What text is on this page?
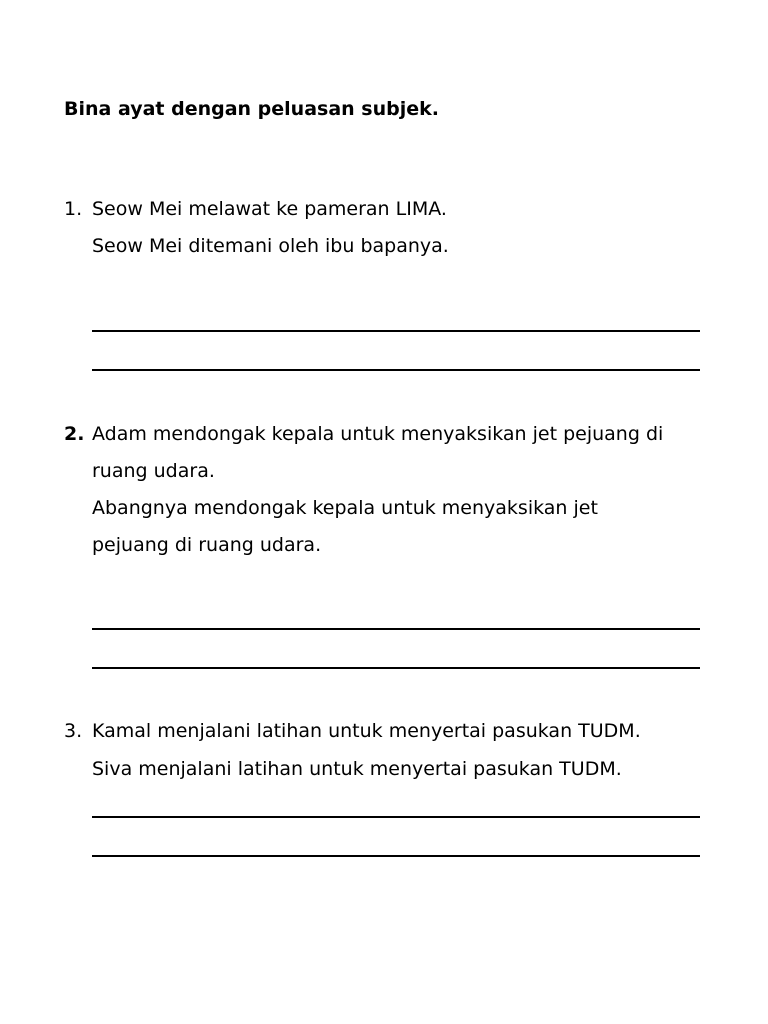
Bina ayat dengan peluasan subjek.
1. Seow Mei melawat ke pameran LIMA.
Seow Mei ditemani oleh ibu bapanya.
2. Adam mendongak kepala untuk menyaksikan jet pejuang di
ruang udara.
Abangnya mendongak kepala untuk menyaksikan jet
pejuang di ruang udara.
3. Kamal menjalani latihan untuk menyertai pasukan TUDM.
Siva menjalani latihan untuk menyertai pasukan TUDM.
